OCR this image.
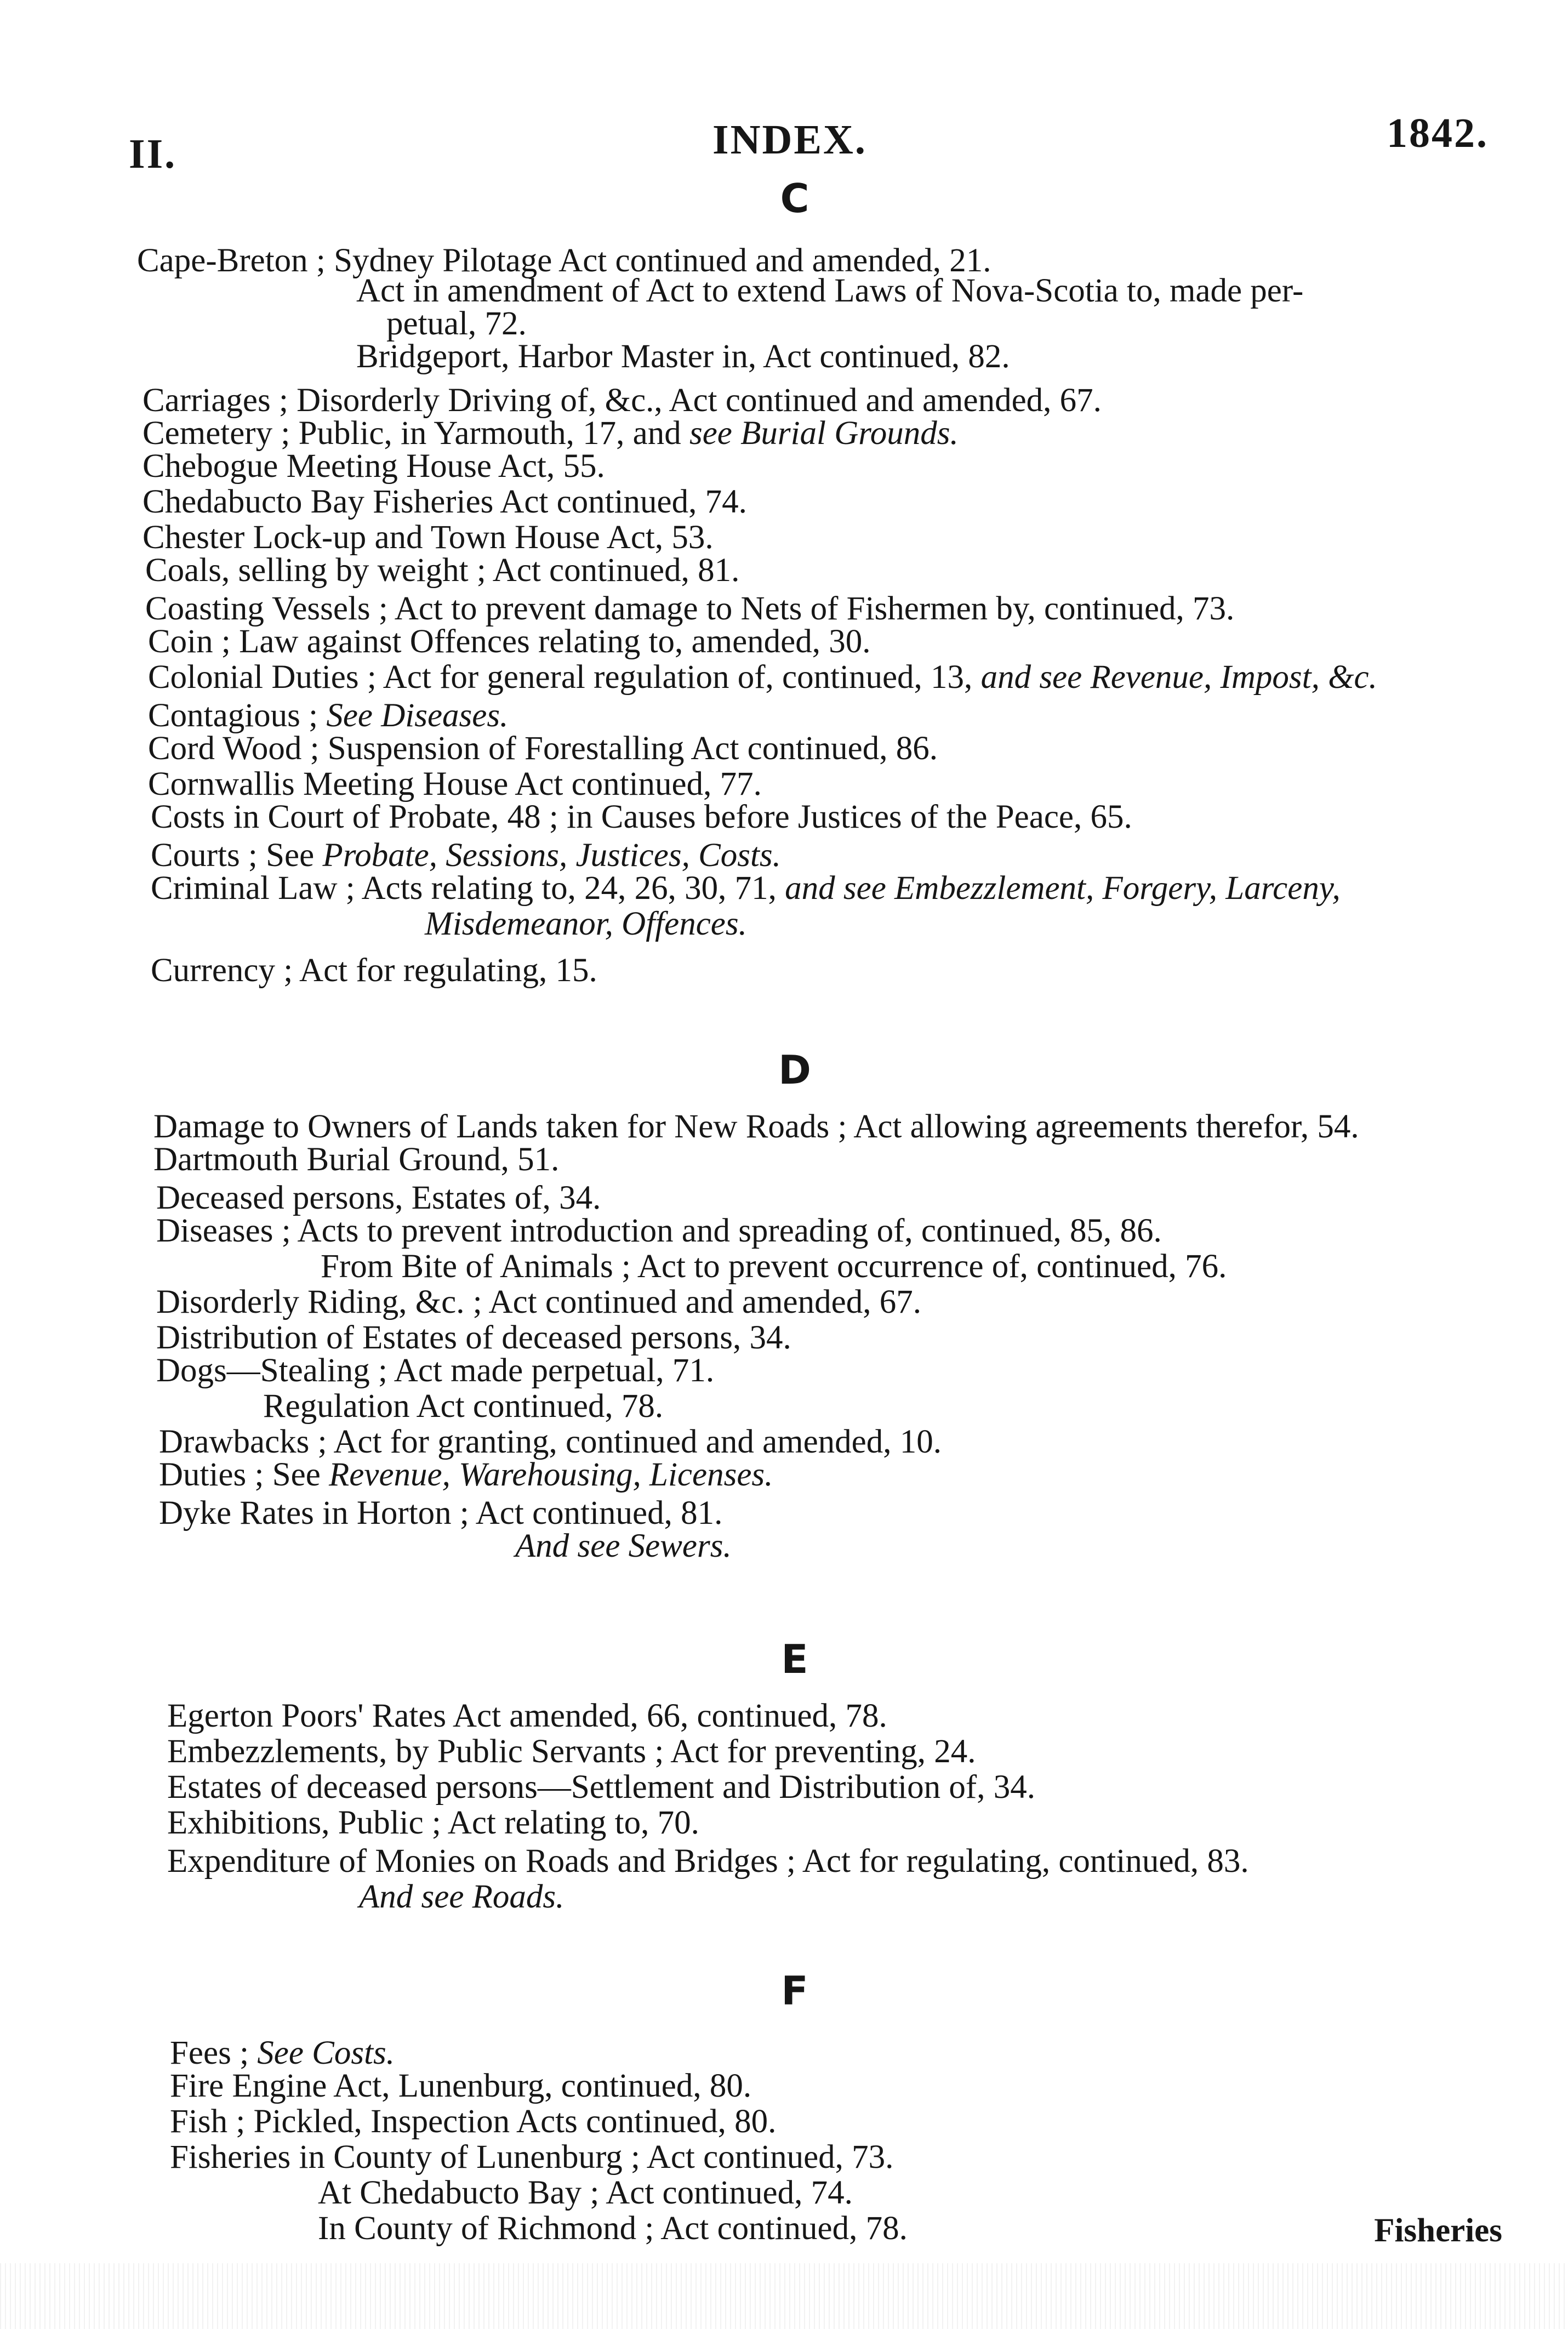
II.	INDEX.	1842.
C
Cape-Breton ; Sydney Pilotage Act continued and amended, 21.
Act in amendment of Act to extend Laws of Nova-Scotia to, made per-
petual, 72.
Bridgeport, Harbor Master in, Act continued, 82.
Carriages ; Disorderly Driving of, &c., Act continued and amended, 67.
Cemetery ; Public, in Yarmouth, 17, and see Burial Grounds.
Chebogue Meeting House Act, 55.
Chedabucto Bay Fisheries Act continued, 74.
Chester Lock-up and Town House Act, 53.
Coals, selling by weight ; Act continued, 81.
Coasting Vessels ; Act to prevent damage to Nets of Fishermen by, continued, 73.
Coin ; Law against Offences relating to, amended, 30.
Colonial Duties ; Act for general regulation of, continued, 13, and see Revenue, Impost, &c.
Contagious ; See Diseases.
Cord Wood ; Suspension of Forestalling Act continued, 86.
Cornwallis Meeting House Act continued, 77.
Costs in Court of Probate, 48 ; in Causes before Justices of the Peace, 65.
Courts ; See Probate, Sessions, Justices, Costs.
Criminal Law ; Acts relating to, 24, 26, 30, 71, and see Embezzlement, Forgery, Larceny,
Misdemeanor, Offences.
Currency ; Act for regulating, 15.
D
Damage to Owners of Lands taken for New Roads ; Act allowing agreements therefor, 54.
Dartmouth Burial Ground, 51.
Deceased persons, Estates of, 34.
Diseases ; Acts to prevent introduction and spreading of, continued, 85, 86.
From Bite of Animals ; Act to prevent occurrence of, continued, 76.
Disorderly Riding, &c. ; Act continued and amended, 67.
Distribution of Estates of deceased persons, 34.
Dogs—Stealing ; Act made perpetual, 71.
Regulation Act continued, 78.
Drawbacks ; Act for granting, continued and amended, 10.
Duties ; See Revenue, Warehousing, Licenses.
Dyke Rates in Horton ; Act continued, 81.
And see Sewers.
E
Egerton Poors' Rates Act amended, 66, continued, 78.
Embezzlements, by Public Servants ; Act for preventing, 24.
Estates of deceased persons—Settlement and Distribution of, 34.
Exhibitions, Public ; Act relating to, 70.
Expenditure of Monies on Roads and Bridges ; Act for regulating, continued, 83.
And see Roads.
F
Fees ; See Costs.
Fire Engine Act, Lunenburg, continued, 80.
Fish ; Pickled, Inspection Acts continued, 80.
Fisheries in County of Lunenburg ; Act continued, 73.
At Chedabucto Bay ; Act continued, 74.
In County of Richmond ; Act continued, 78.	Fisheries
